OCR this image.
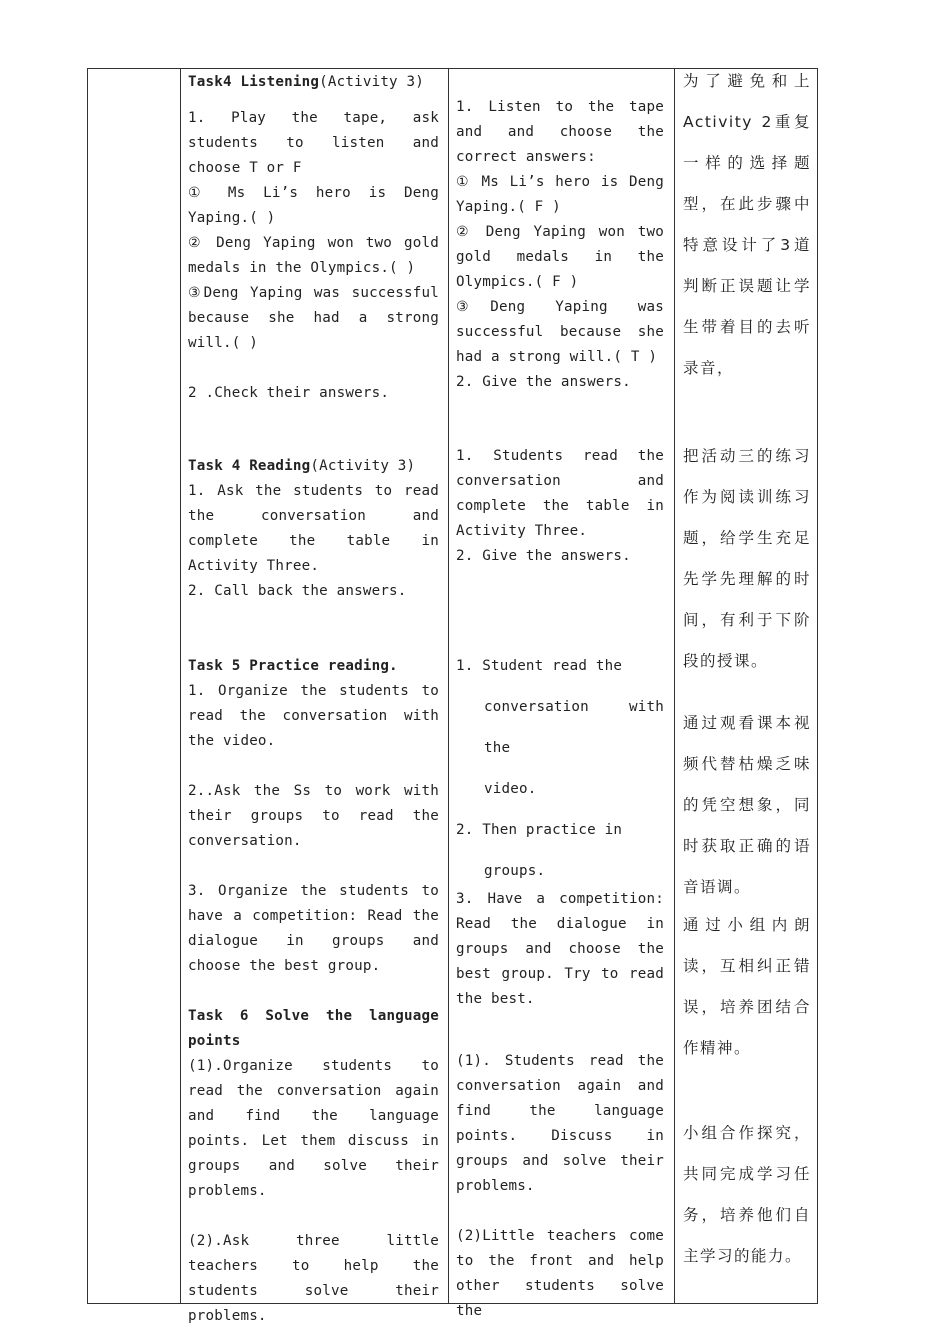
Task4 Listening(Activity 3)

1. Play the tape, ask students to listen and choose T or F

① Ms Li’s hero is Deng Yaping.( )

② Deng Yaping won two gold medals in the Olympics.( )

③Deng Yaping was successful because she had a strong will.( )

2 .Check their answers.

Task 4 Reading(Activity 3)

1. Ask the students to read the conversation and complete the table in Activity Three.

2. Call back the answers.

Task 5 Practice reading.

1. Organize the students to read the conversation with the video.

2..Ask the Ss to work with their groups to read the conversation.

3. Organize the students to have a competition: Read the dialogue in groups and choose the best group.

Task 6 Solve the language points

(1).Organize students to read the conversation again and find the language points. Let them discuss in groups and solve their problems.

(2).Ask three little teachers to help the students solve their problems.

1. Listen to the tape and and choose the correct answers:

① Ms Li’s hero is Deng Yaping.( F )

② Deng Yaping won two gold medals in the Olympics.( F )

③Deng Yaping was successful because she had a strong will.( T )

2. Give the answers.

1. Students read the conversation and complete the table in Activity Three.

2. Give the answers.

1. Student read the

conversation with the

video.

2. Then practice in

groups.

3. Have a competition: Read the dialogue in groups and choose the best group. Try to read the best.

(1). Students read the conversation again and find the language points. Discuss in groups and solve their problems.

(2)Little teachers come to the front and help other students solve the

为了避免和上Activity 2重复一样的选择题型，在此步骤中特意设计了3道判断正误题让学生带着目的去听录音，

把活动三的练习作为阅读训练习题，给学生充足先学先理解的时间，有利于下阶段的授课。

通过观看课本视频代替枯燥乏味的凭空想象，同时获取正确的语音语调。

通过小组内朗读，互相纠正错误，培养团结合作精神。

小组合作探究，共同完成学习任务，培养他们自主学习的能力。
